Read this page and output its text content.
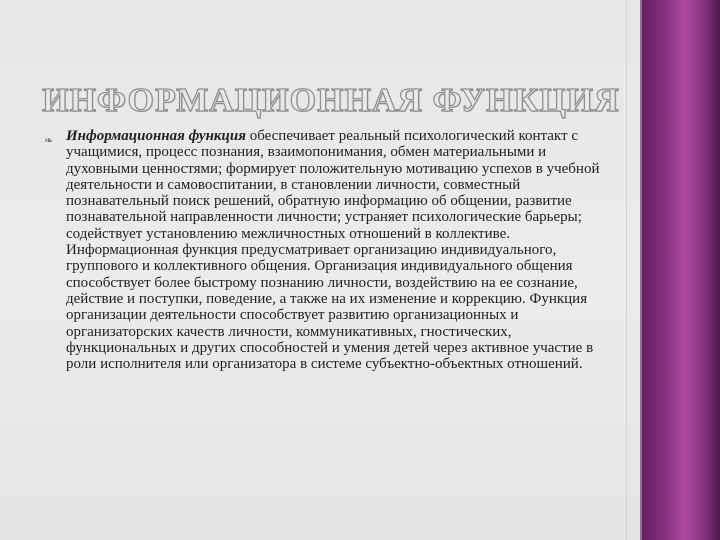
ИНФОРМАЦИОННАЯ ФУНКЦИЯ
❧ Информационная функция обеспечивает реальный психологический контакт с учащимися, процесс познания, взаимопонимания, обмен материальными и духовными ценностями; формирует положительную мотивацию успехов в учебной деятельности и самовоспитании, в становлении личности, совместный познавательный поиск решений, обратную информацию об общении, развитие познавательной направленности личности; устраняет психологические барьеры; содействует установлению межличностных отношений в коллективе. Информационная функция предусматривает организацию индивидуального, группового и коллективного общения. Организация индивидуального общения способствует более быстрому познанию личности, воздействию на ее сознание, действие и поступки, поведение, а также на их изменение и коррекцию. Функция организации деятельности способствует развитию организационных и организаторских качеств личности, коммуникативных, гностических, функциональных и других способностей и умения детей через активное участие в роли исполнителя или организатора в системе субъектно-объектных отношений.
